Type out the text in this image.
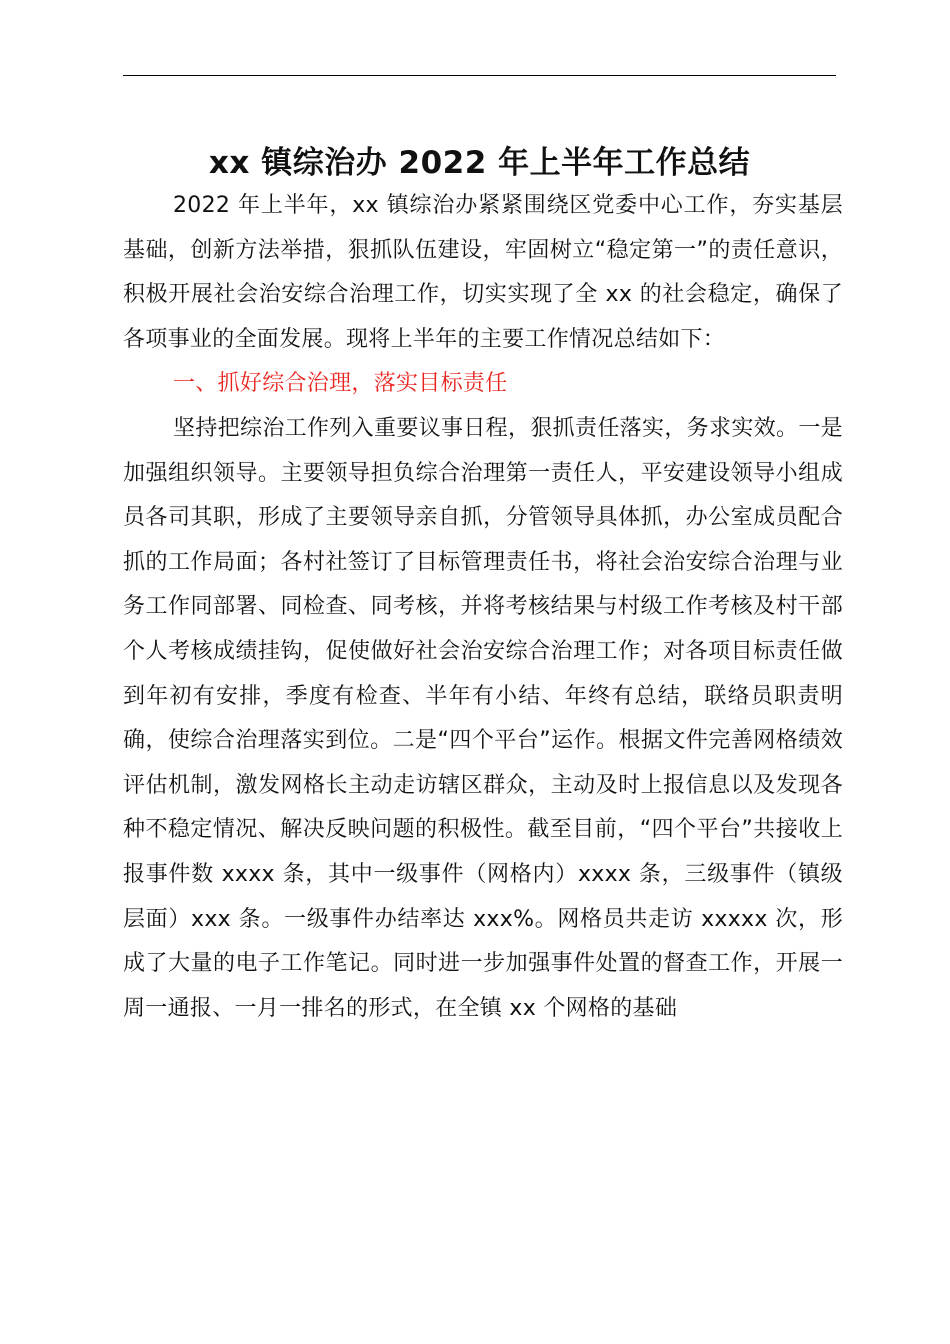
xx 镇综治办 2022 年上半年工作总结

2022 年上半年，xx 镇综治办紧紧围绕区党委中心工作，夯实基层基础，创新方法举措，狠抓队伍建设，牢固树立“稳定第一”的责任意识，积极开展社会治安综合治理工作，切实实现了全 xx 的社会稳定，确保了各项事业的全面发展。现将上半年的主要工作情况总结如下：

一、抓好综合治理，落实目标责任

坚持把综治工作列入重要议事日程，狠抓责任落实，务求实效。一是加强组织领导。主要领导担负综合治理第一责任人，平安建设领导小组成员各司其职，形成了主要领导亲自抓，分管领导具体抓，办公室成员配合抓的工作局面；各村社签订了目标管理责任书，将社会治安综合治理与业务工作同部署、同检查、同考核，并将考核结果与村级工作考核及村干部个人考核成绩挂钩，促使做好社会治安综合治理工作；对各项目标责任做到年初有安排，季度有检查、半年有小结、年终有总结，联络员职责明确，使综合治理落实到位。二是“四个平台”运作。根据文件完善网格绩效评估机制，激发网格长主动走访辖区群众，主动及时上报信息以及发现各种不稳定情况、解决反映问题的积极性。截至目前，“四个平台”共接收上报事件数 xxxx 条，其中一级事件（网格内）xxxx 条，三级事件（镇级层面）xxx 条。一级事件办结率达 xxx%。网格员共走访 xxxxx 次，形成了大量的电子工作笔记。同时进一步加强事件处置的督查工作，开展一周一通报、一月一排名的形式，在全镇 xx 个网格的基础
